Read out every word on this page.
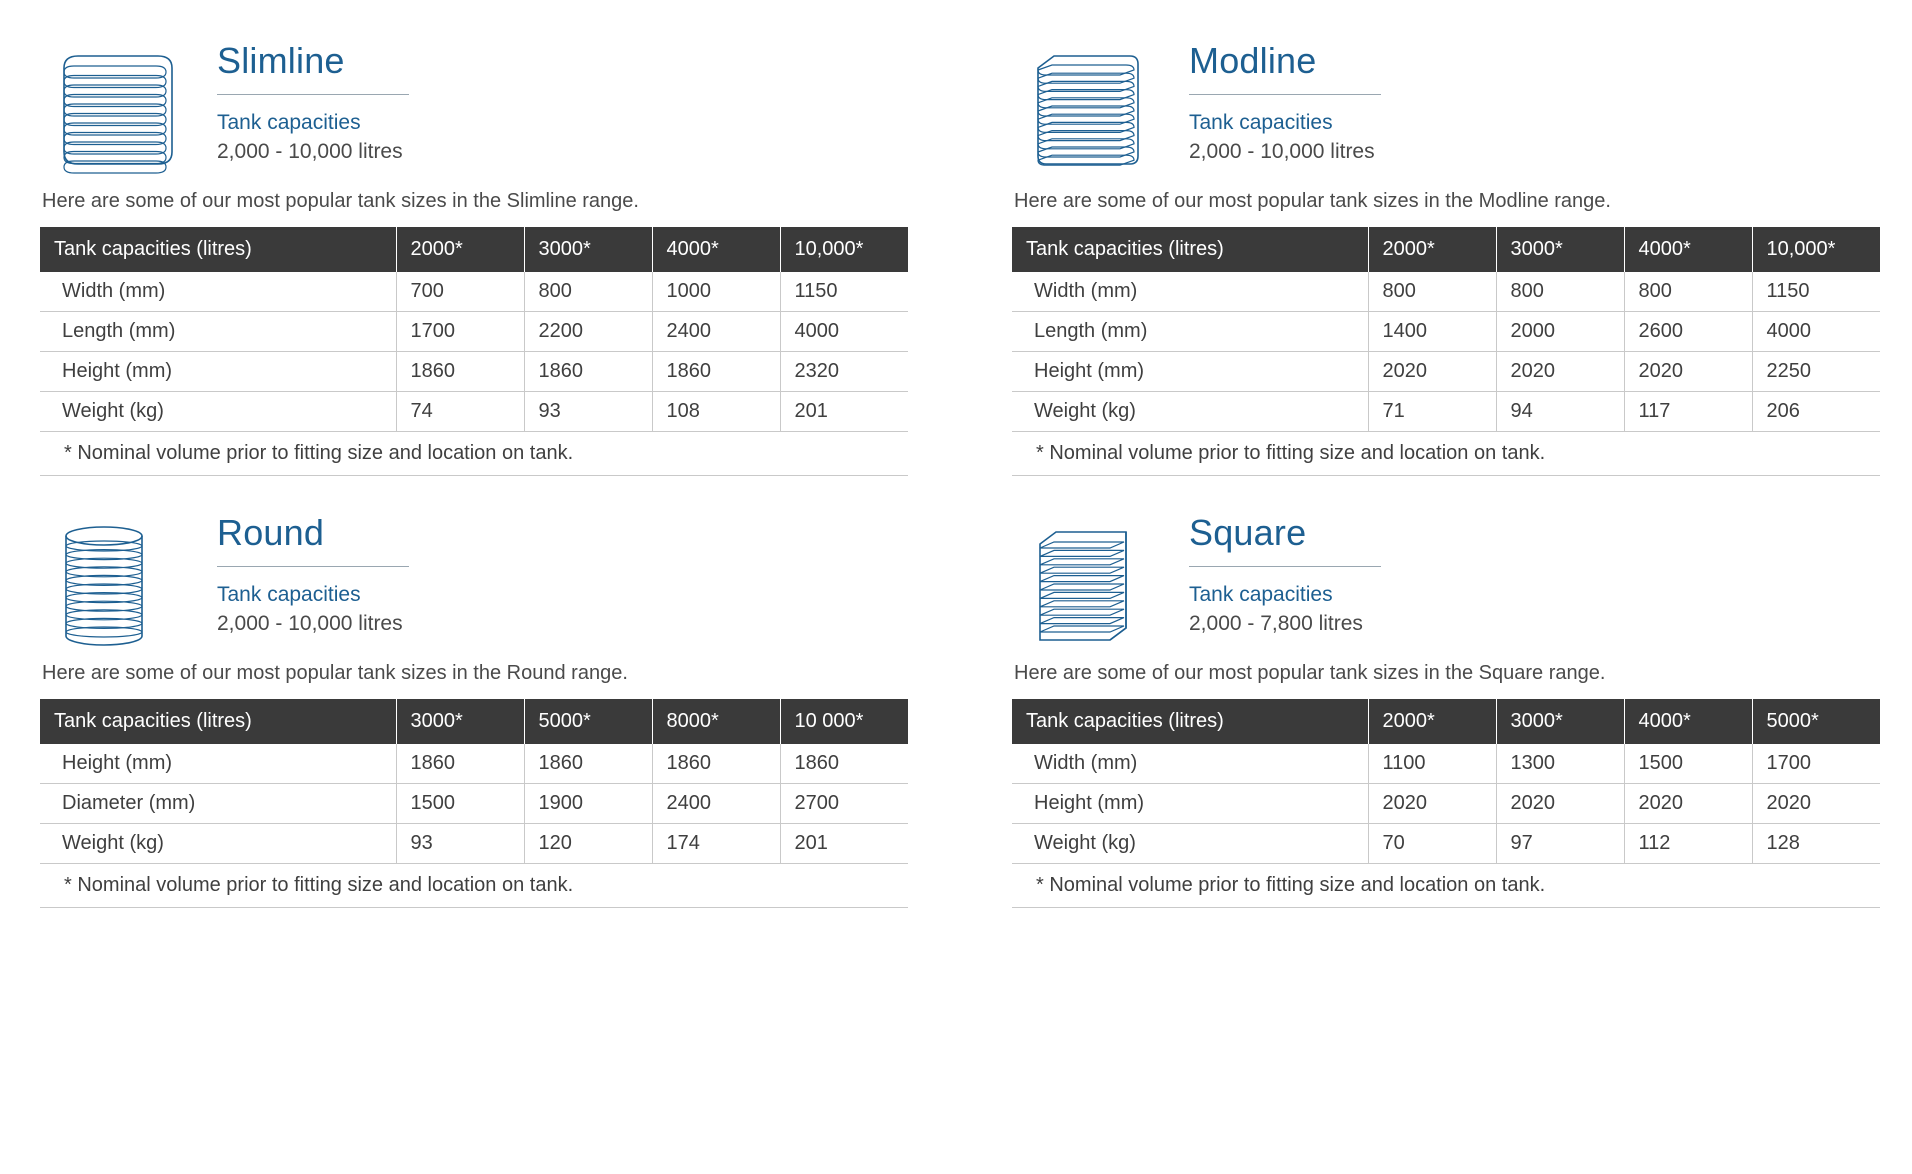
Slimline
Tank capacities
2,000 - 10,000 litres

Here are some of our most popular tank sizes in the Slimline range.

Tank capacities (litres)	2000*	3000*	4000*	10,000*
Width (mm)	700	800	1000	1150
Length (mm)	1700	2200	2400	4000
Height (mm)	1860	1860	1860	2320
Weight (kg)	74	93	108	201
* Nominal volume prior to fitting size and location on tank.				
Modline
Tank capacities
2,000 - 10,000 litres

Here are some of our most popular tank sizes in the Modline range.

Tank capacities (litres)	2000*	3000*	4000*	10,000*
Width (mm)	800	800	800	1150
Length (mm)	1400	2000	2600	4000
Height (mm)	2020	2020	2020	2250
Weight (kg)	71	94	117	206
* Nominal volume prior to fitting size and location on tank.				
Round
Tank capacities
2,000 - 10,000 litres

Here are some of our most popular tank sizes in the Round range.

Tank capacities (litres)	3000*	5000*	8000*	10 000*
Height (mm)	1860	1860	1860	1860
Diameter (mm)	1500	1900	2400	2700
Weight (kg)	93	120	174	201
* Nominal volume prior to fitting size and location on tank.				
Square
Tank capacities
2,000 - 7,800 litres

Here are some of our most popular tank sizes in the Square range.

Tank capacities (litres)	2000*	3000*	4000*	5000*
Width (mm)	1100	1300	1500	1700
Height (mm)	2020	2020	2020	2020
Weight (kg)	70	97	112	128
* Nominal volume prior to fitting size and location on tank.				
